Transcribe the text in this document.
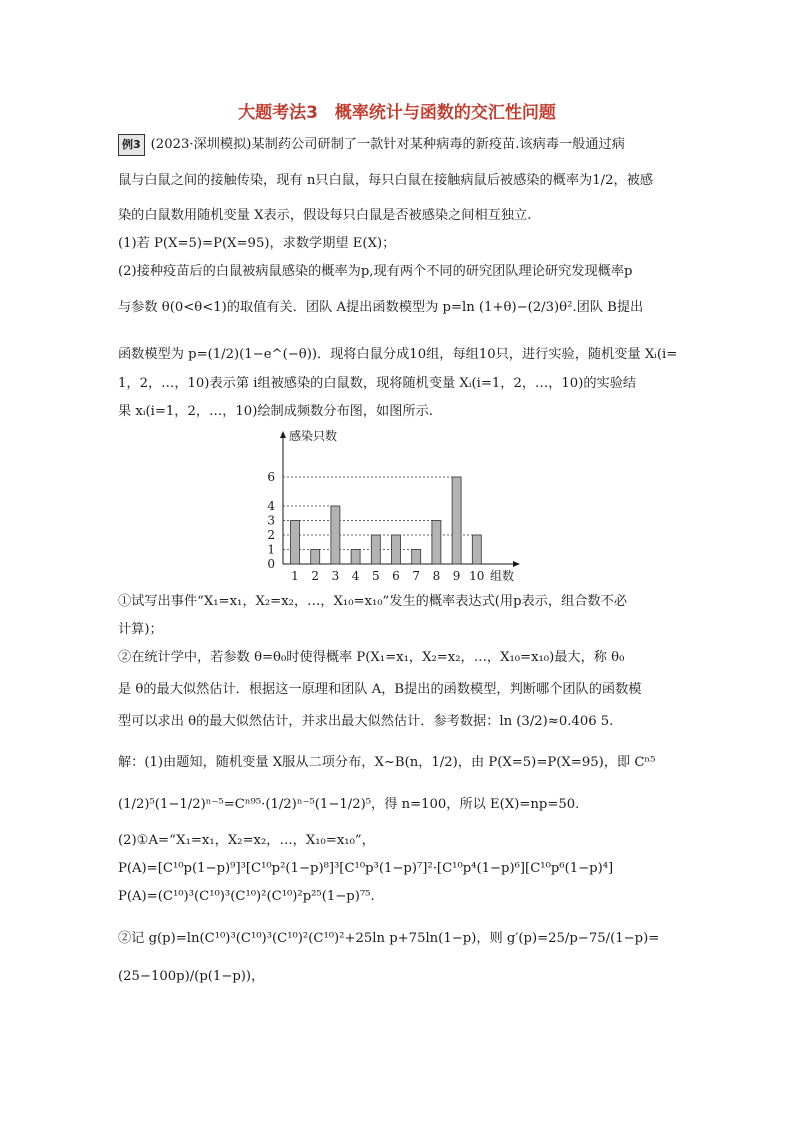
大题考法3　概率统计与函数的交汇性问题
例3 (2023·深圳模拟)某制药公司研制了一款针对某种病毒的新疫苗.该病毒一般通过病
鼠与白鼠之间的接触传染，现有 n只白鼠，每只白鼠在接触病鼠后被感染的概率为1/2，被感
染的白鼠数用随机变量 X表示，假设每只白鼠是否被感染之间相互独立.
(1)若 P(X=5)=P(X=95)，求数学期望 E(X)；
(2)接种疫苗后的白鼠被病鼠感染的概率为p,现有两个不同的研究团队理论研究发现概率p
与参数 θ(0<θ<1)的取值有关．团队 A提出函数模型为 p=ln (1+θ)−(2/3)θ².团队 B提出
函数模型为 p=(1/2)(1−e^(−θ))．现将白鼠分成10组，每组10只，进行实验，随机变量 Xᵢ(i=
1，2，…，10)表示第 i组被感染的白鼠数，现将随机变量 Xᵢ(i=1，2，…，10)的实验结
果 xᵢ(i=1，2，…，10)绘制成频数分布图，如图所示.
0
1
2
3
4
6
1 2 3 4 5 6 7 8 9 10
感染只数
组数
①试写出事件“X₁=x₁，X₂=x₂，…，X₁₀=x₁₀”发生的概率表达式(用p表示，组合数不必
计算)；
②在统计学中，若参数 θ=θ₀时使得概率 P(X₁=x₁，X₂=x₂，…，X₁₀=x₁₀)最大，称 θ₀
是 θ的最大似然估计．根据这一原理和团队 A，B提出的函数模型，判断哪个团队的函数模
型可以求出 θ的最大似然估计，并求出最大似然估计．参考数据：ln (3/2)≈0.406 5.
解：(1)由题知，随机变量 X服从二项分布，X~B(n，1/2)，由 P(X=5)=P(X=95)，即 Cⁿ⁵
(1/2)⁵(1−1/2)ⁿ⁻⁵=Cⁿ⁹⁵·(1/2)ⁿ⁻⁵(1−1/2)⁵，得 n=100，所以 E(X)=np=50.
(2)①A=“X₁=x₁，X₂=x₂，…，X₁₀=x₁₀”，
P(A)=[C¹⁰p(1−p)⁹]³[C¹⁰p²(1−p)⁸]³[C¹⁰p³(1−p)⁷]²·[C¹⁰p⁴(1−p)⁶][C¹⁰p⁶(1−p)⁴]
P(A)=(C¹⁰)³(C¹⁰)³(C¹⁰)²(C¹⁰)²p²⁵(1−p)⁷⁵.
②记 g(p)=ln(C¹⁰)³(C¹⁰)³(C¹⁰)²(C¹⁰)²+25ln p+75ln(1−p)，则 g′(p)=25/p−75/(1−p)=
(25−100p)/(p(1−p))，
